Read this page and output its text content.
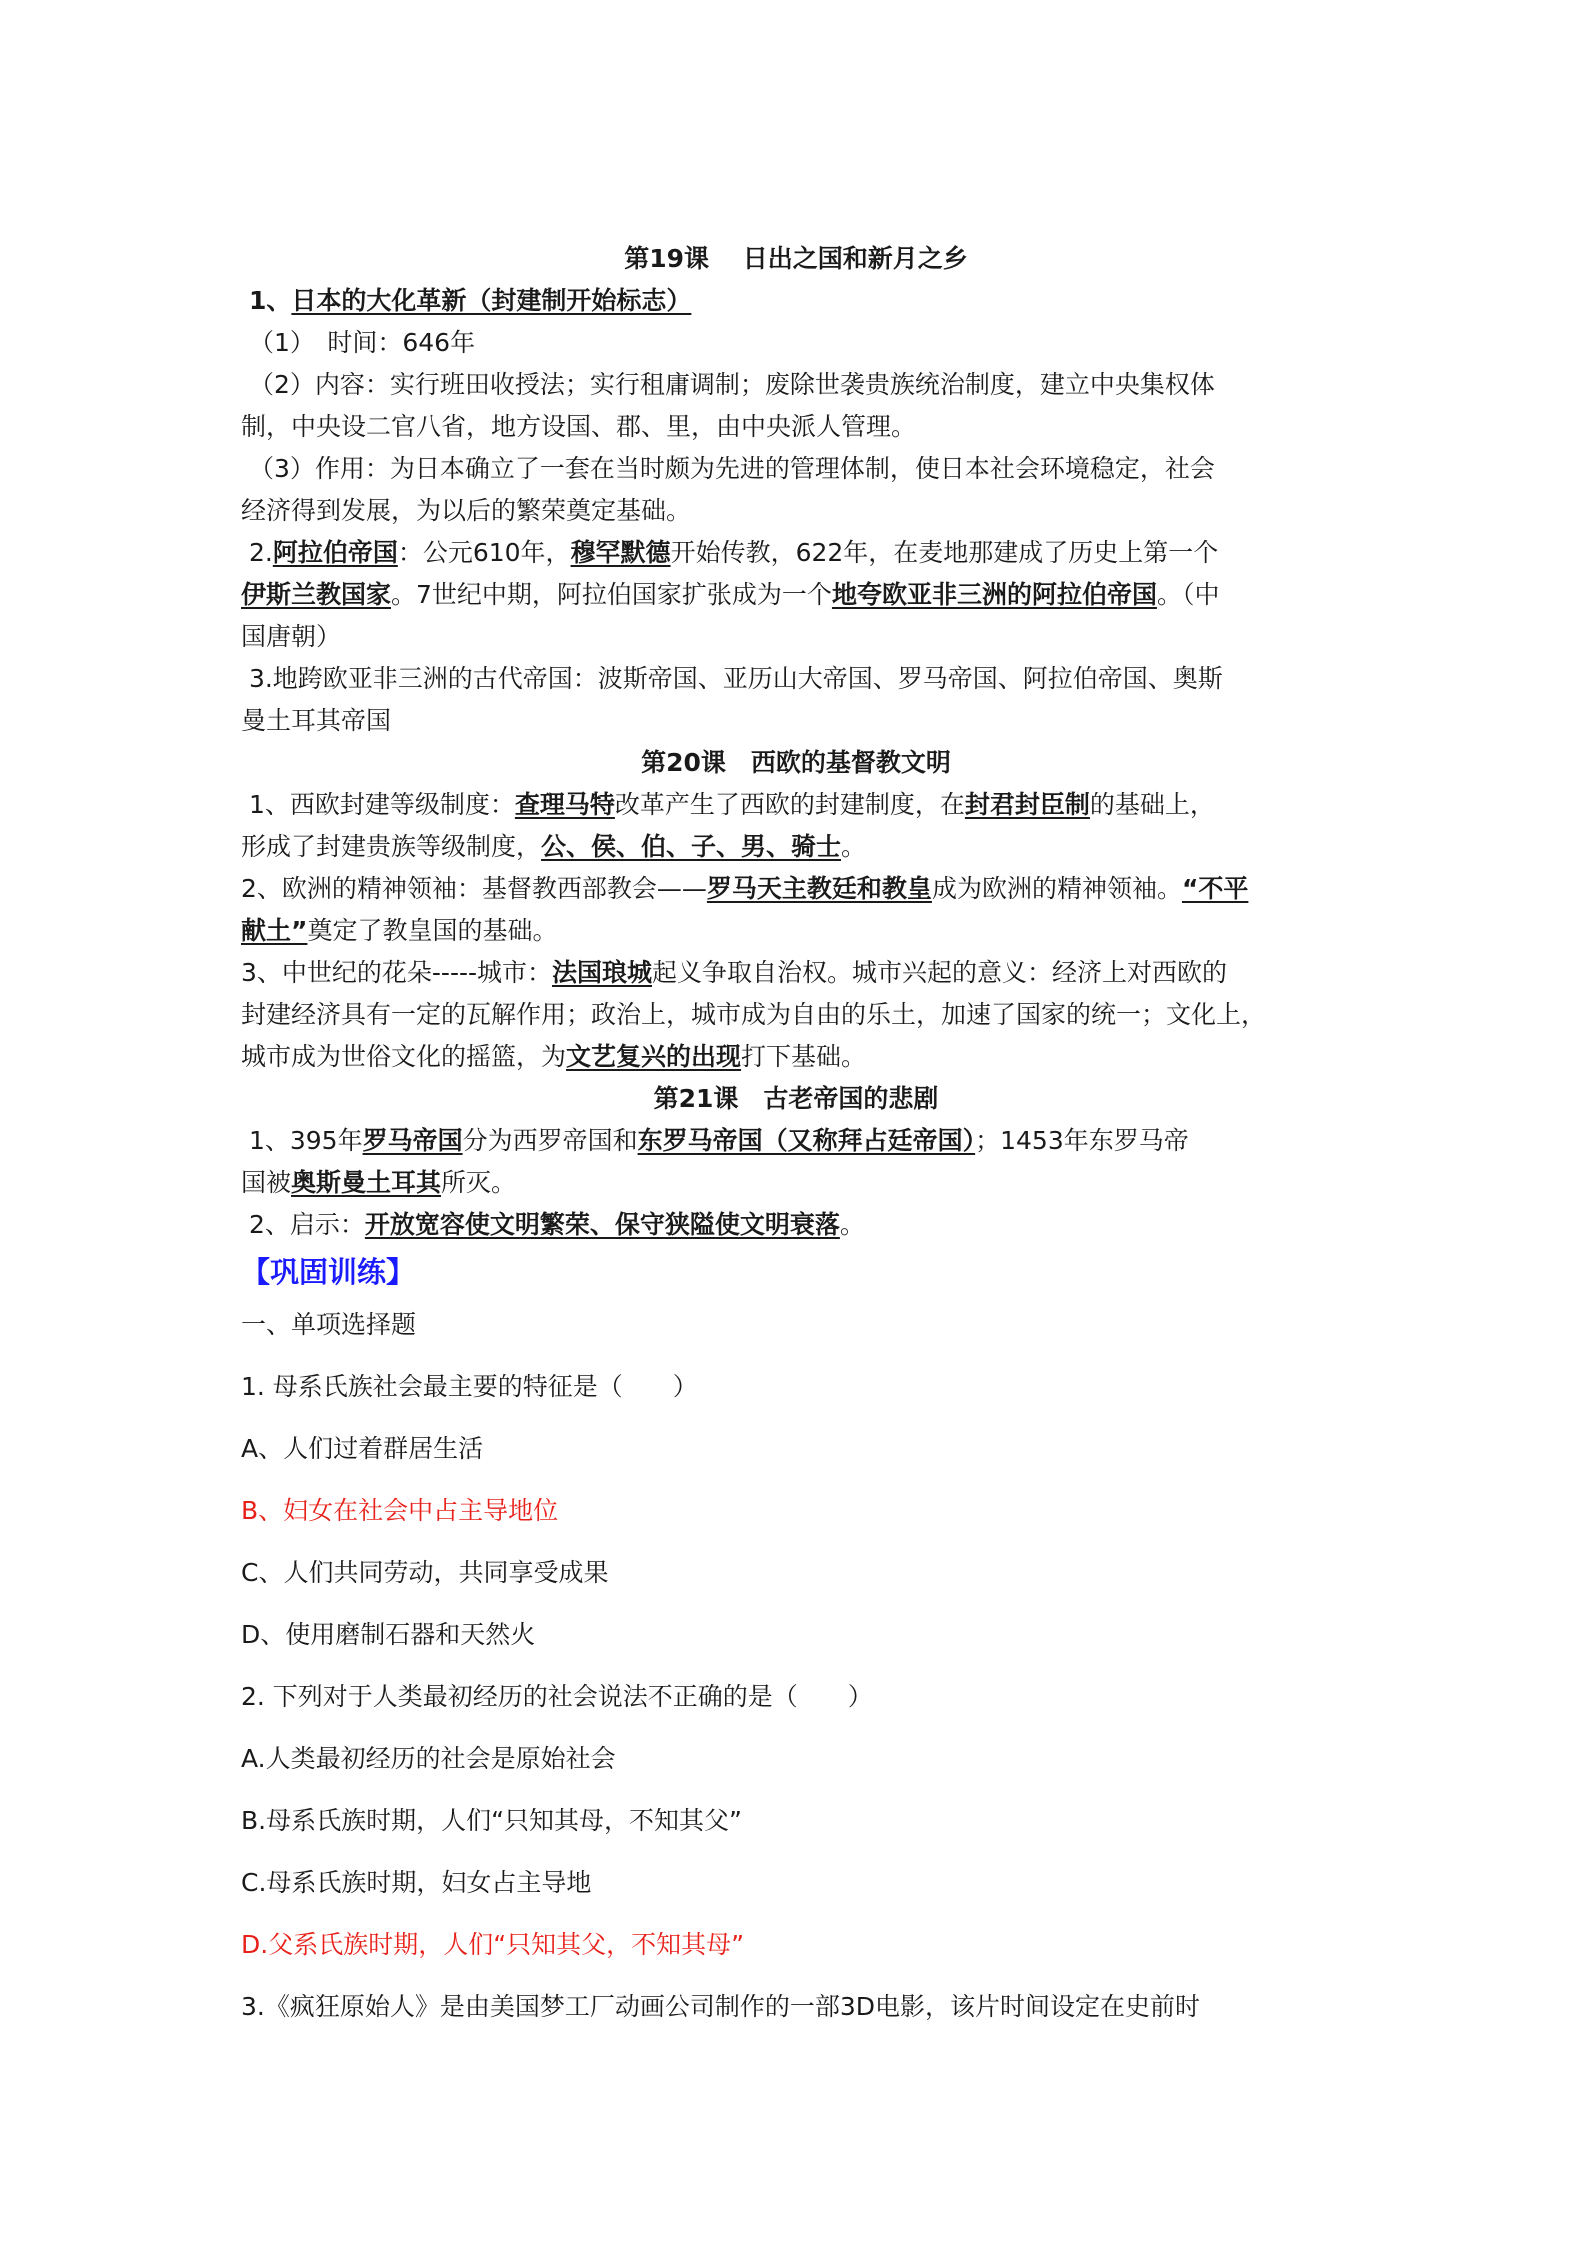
第19课　 日出之国和新月之乡
1、日本的大化革新（封建制开始标志）
（1）　时间：646年
（2）内容：实行班田收授法；实行租庸调制；废除世袭贵族统治制度，建立中央集权体
制，中央设二官八省，地方设国、郡、里，由中央派人管理。
（3）作用：为日本确立了一套在当时颇为先进的管理体制，使日本社会环境稳定，社会
经济得到发展，为以后的繁荣奠定基础。
2.阿拉伯帝国：公元610年，穆罕默德开始传教，622年，在麦地那建成了历史上第一个
伊斯兰教国家。7世纪中期，阿拉伯国家扩张成为一个地夸欧亚非三洲的阿拉伯帝国。（中
国唐朝）
3.地跨欧亚非三洲的古代帝国：波斯帝国、亚历山大帝国、罗马帝国、阿拉伯帝国、奥斯
曼土耳其帝国
第20课　西欧的基督教文明
1、西欧封建等级制度：查理马特改革产生了西欧的封建制度，在封君封臣制的基础上，
形成了封建贵族等级制度，公、侯、伯、子、男、骑士。
2、欧洲的精神领袖：基督教西部教会——罗马天主教廷和教皇成为欧洲的精神领袖。“不平
献土”奠定了教皇国的基础。
3、中世纪的花朵-----城市：法国琅城起义争取自治权。城市兴起的意义：经济上对西欧的
封建经济具有一定的瓦解作用；政治上，城市成为自由的乐土，加速了国家的统一；文化上，
城市成为世俗文化的摇篮，为文艺复兴的出现打下基础。
第21课　古老帝国的悲剧
1、395年罗马帝国分为西罗帝国和东罗马帝国（又称拜占廷帝国）；1453年东罗马帝
国被奥斯曼土耳其所灭。
2、启示：开放宽容使文明繁荣、保守狭隘使文明衰落。
【巩固训练】
一、单项选择题
1. 母系氏族社会最主要的特征是（　　）
A、人们过着群居生活
B、妇女在社会中占主导地位
C、人们共同劳动，共同享受成果
D、使用磨制石器和天然火
2. 下列对于人类最初经历的社会说法不正确的是（　　）
A.人类最初经历的社会是原始社会
B.母系氏族时期，人们“只知其母，不知其父”
C.母系氏族时期，妇女占主导地
D.父系氏族时期，人们“只知其父，不知其母”
3.《疯狂原始人》是由美国梦工厂动画公司制作的一部3D电影，该片时间设定在史前时
